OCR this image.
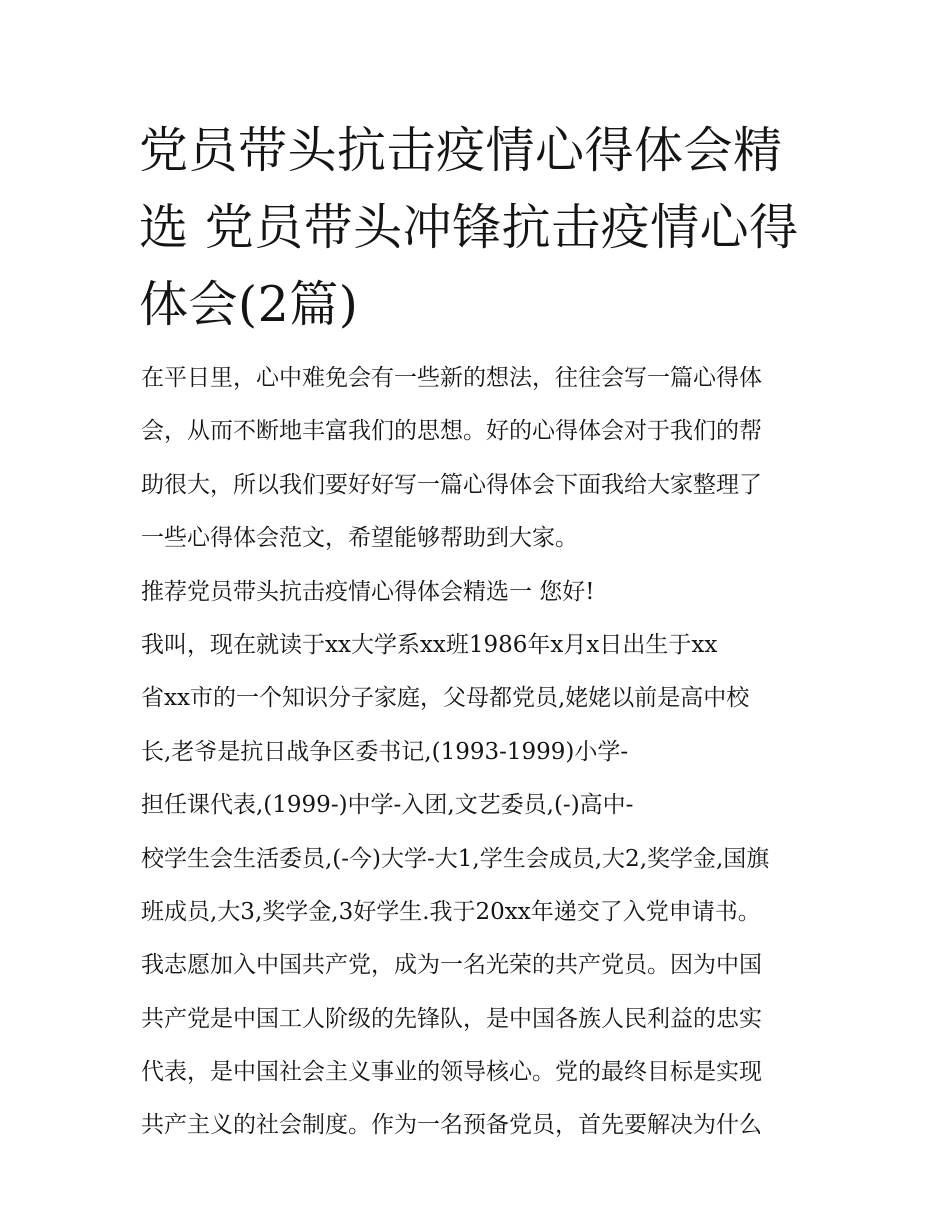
党员带头抗击疫情心得体会精选 党员带头冲锋抗击疫情心得体会(2篇)
在平日里，心中难免会有一些新的想法，往往会写一篇心得体
会，从而不断地丰富我们的思想。好的心得体会对于我们的帮
助很大，所以我们要好好写一篇心得体会下面我给大家整理了
一些心得体会范文，希望能够帮助到大家。
推荐党员带头抗击疫情心得体会精选一 您好!
我叫，现在就读于xx大学系xx班1986年x月x日出生于xx
省xx市的一个知识分子家庭，父母都党员,姥姥以前是高中校
长,老爷是抗日战争区委书记,(1993-1999)小学-
担任课代表,(1999-)中学-入团,文艺委员,(-)高中-
校学生会生活委员,(-今)大学-大1,学生会成员,大2,奖学金,国旗
班成员,大3,奖学金,3好学生.我于20xx年递交了入党申请书。
我志愿加入中国共产党，成为一名光荣的共产党员。因为中国
共产党是中国工人阶级的先锋队，是中国各族人民利益的忠实
代表，是中国社会主义事业的领导核心。党的最终目标是实现
共产主义的社会制度。作为一名预备党员，首先要解决为什么
